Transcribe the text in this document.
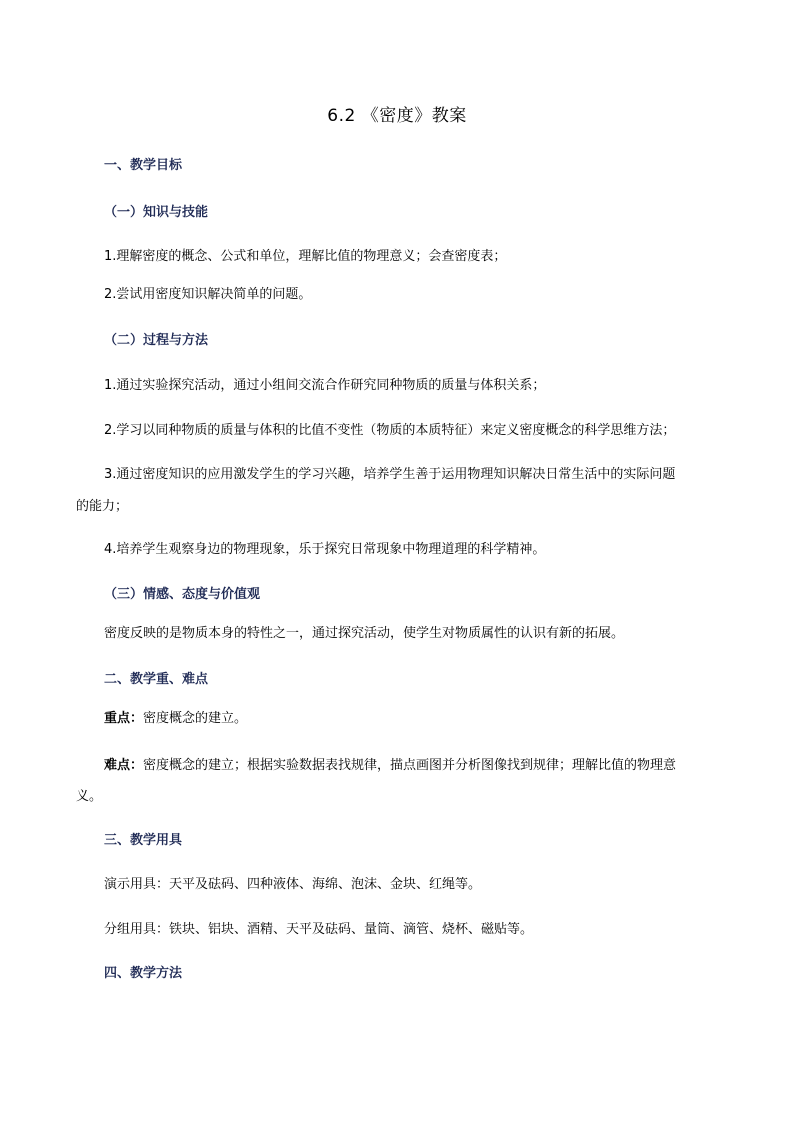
6.2 《密度》教案
一、教学目标
（一）知识与技能
1.理解密度的概念、公式和单位，理解比值的物理意义；会查密度表；
2.尝试用密度知识解决简单的问题。
（二）过程与方法
1.通过实验探究活动，通过小组间交流合作研究同种物质的质量与体积关系；
2.学习以同种物质的质量与体积的比值不变性（物质的本质特征）来定义密度概念的科学思维方法；
3.通过密度知识的应用激发学生的学习兴趣，培养学生善于运用物理知识解决日常生活中的实际问题
的能力；
4.培养学生观察身边的物理现象，乐于探究日常现象中物理道理的科学精神。
（三）情感、态度与价值观
密度反映的是物质本身的特性之一，通过探究活动，使学生对物质属性的认识有新的拓展。
二、教学重、难点
重点：密度概念的建立。
难点：密度概念的建立；根据实验数据表找规律，描点画图并分析图像找到规律；理解比值的物理意
义。
三、教学用具
演示用具：天平及砝码、四种液体、海绵、泡沫、金块、红绳等。
分组用具：铁块、铝块、酒精、天平及砝码、量筒、滴管、烧杯、磁贴等。
四、教学方法
